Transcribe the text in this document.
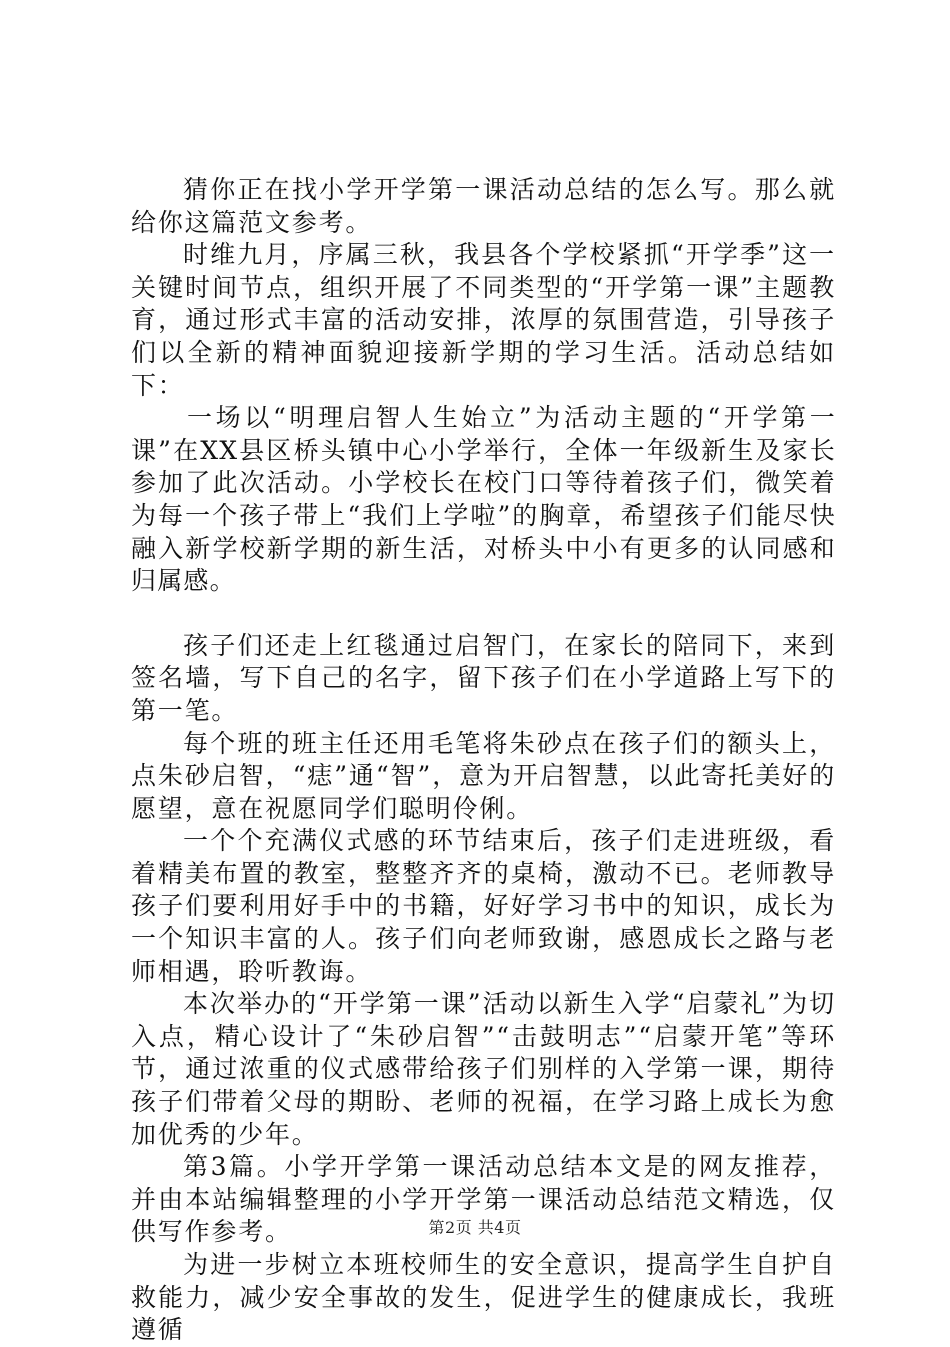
猜你正在找小学开学第一课活动总结的怎么写。那么就给你这篇范文参考。

时维九月，序属三秋，我县各个学校紧抓“开学季”这一关键时间节点，组织开展了不同类型的“开学第一课”主题教育，通过形式丰富的活动安排，浓厚的氛围营造，引导孩子们以全新的精神面貌迎接新学期的学习生活。活动总结如下：

一场以“明理启智人生始立”为活动主题的“开学第一课”在XX县区桥头镇中心小学举行，全体一年级新生及家长参加了此次活动。小学校长在校门口等待着孩子们，微笑着为每一个孩子带上“我们上学啦”的胸章，希望孩子们能尽快融入新学校新学期的新生活，对桥头中小有更多的认同感和归属感。

孩子们还走上红毯通过启智门，在家长的陪同下，来到签名墙，写下自己的名字，留下孩子们在小学道路上写下的第一笔。

每个班的班主任还用毛笔将朱砂点在孩子们的额头上，点朱砂启智，“痣”通“智”，意为开启智慧，以此寄托美好的愿望，意在祝愿同学们聪明伶俐。

一个个充满仪式感的环节结束后，孩子们走进班级，看着精美布置的教室，整整齐齐的桌椅，激动不已。老师教导孩子们要利用好手中的书籍，好好学习书中的知识，成长为一个知识丰富的人。孩子们向老师致谢，感恩成长之路与老师相遇，聆听教诲。

本次举办的“开学第一课”活动以新生入学“启蒙礼”为切入点，精心设计了“朱砂启智”“击鼓明志”“启蒙开笔”等环节，通过浓重的仪式感带给孩子们别样的入学第一课，期待孩子们带着父母的期盼、老师的祝福，在学习路上成长为愈加优秀的少年。

第3篇。小学开学第一课活动总结本文是的网友推荐，并由本站编辑整理的小学开学第一课活动总结范文精选，仅供写作参考。

为进一步树立本班校师生的安全意识，提高学生自护自救能力，减少安全事故的发生，促进学生的健康成长，我班遵循

第2页 共4页
